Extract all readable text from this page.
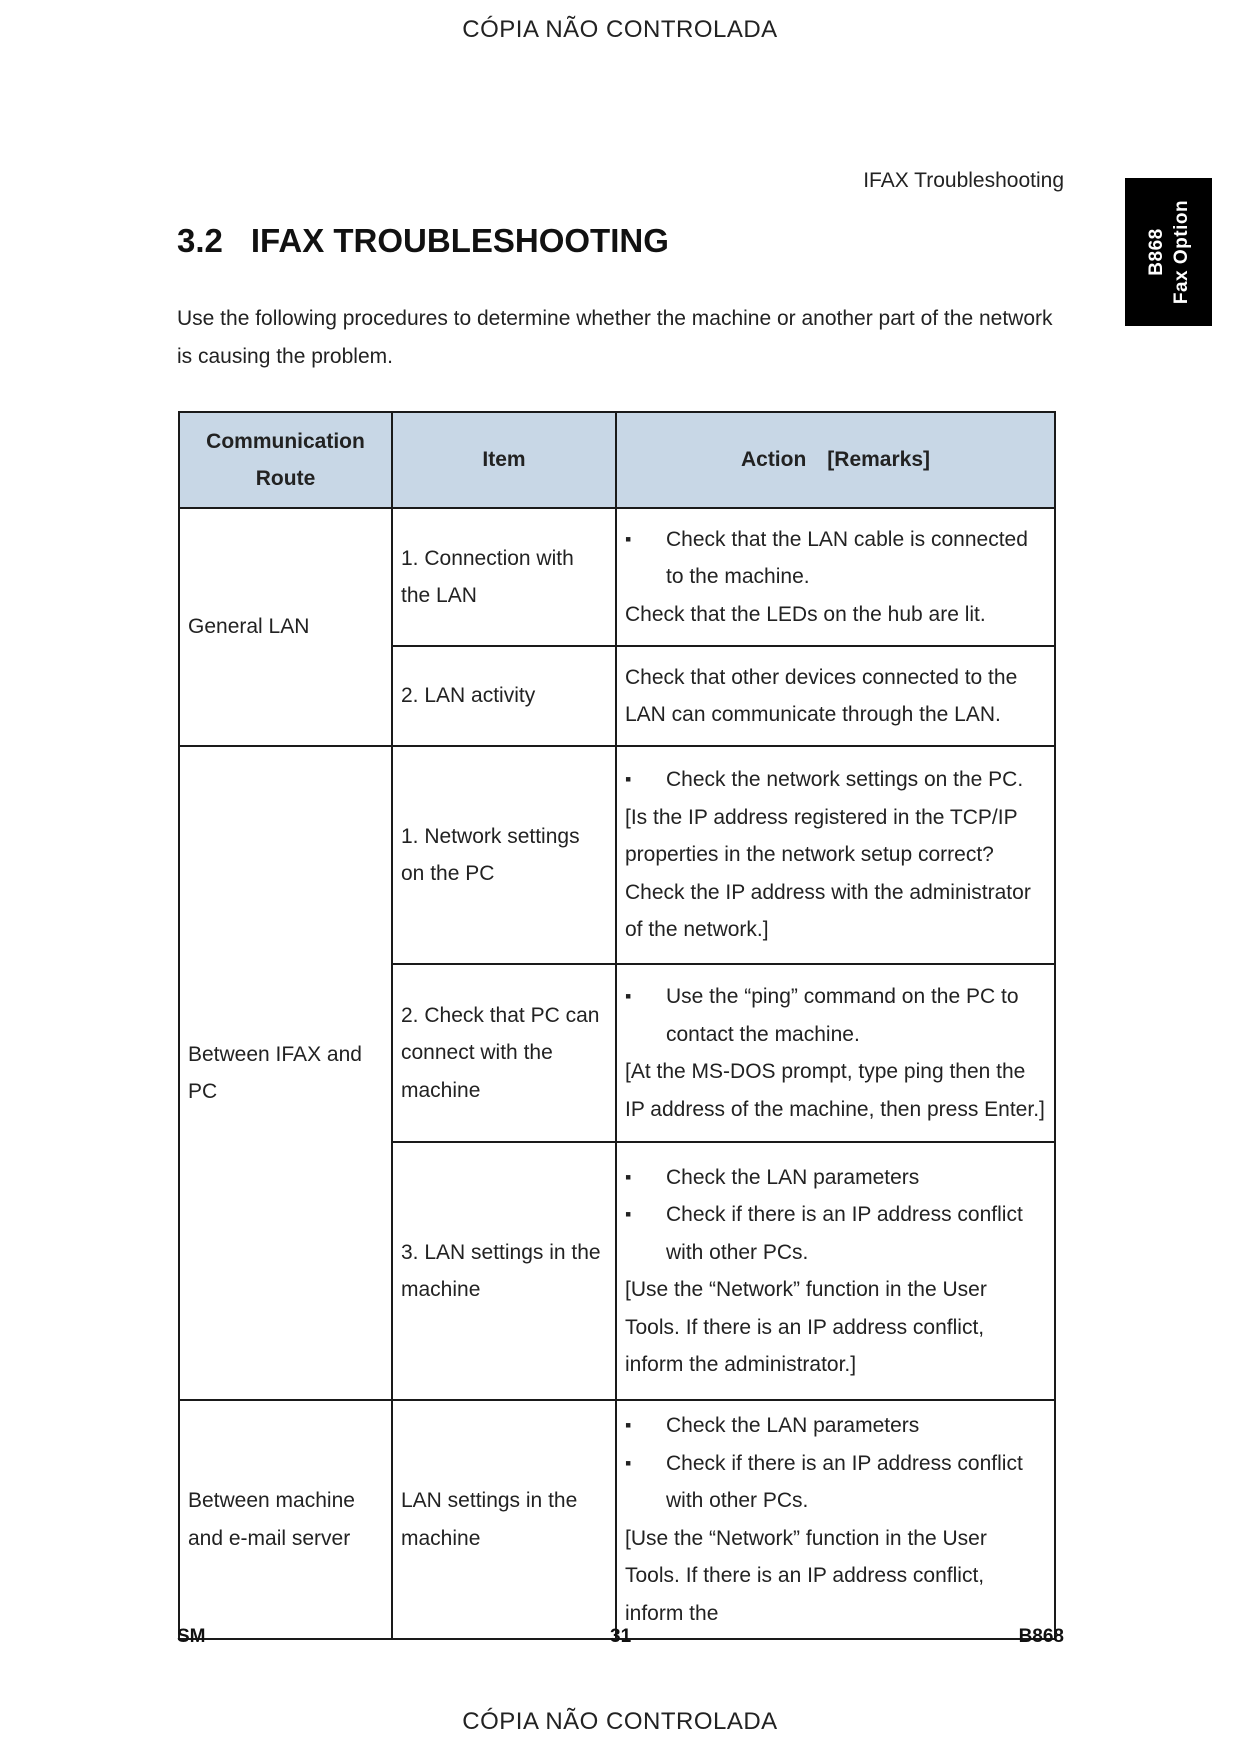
CÓPIA NÃO CONTROLADA
IFAX Troubleshooting
B868 Fax Option
3.2 IFAX TROUBLESHOOTING

Use the following procedures to determine whether the machine or another part of the network is causing the problem.

Communication Route	Item	Action　[Remarks]
General LAN	1. Connection with the LAN	▪ Check that the LAN cable is connected to the machine.
Check that the LEDs on the hub are lit.

	2. LAN activity	Check that other devices connected to the LAN can communicate through the LAN.

Between IFAX and PC	1. Network settings on the PC	▪ Check the network settings on the PC.
[Is the IP address registered in the TCP/IP properties in the network setup correct? Check the IP address with the administrator of the network.]

	2. Check that PC can connect with the machine	▪ Use the “ping” command on the PC to contact the machine.
[At the MS-DOS prompt, type ping then the IP address of the machine, then press Enter.]

	3. LAN settings in the machine	▪ Check the LAN parameters
▪ Check if there is an IP address conflict with other PCs.
[Use the “Network” function in the User Tools. If there is an IP address conflict, inform the administrator.]

Between machine and e-mail server	LAN settings in the machine	▪ Check the LAN parameters
▪ Check if there is an IP address conflict with other PCs.
[Use the “Network” function in the User Tools. If there is an IP address conflict, inform the
SM	31	B868
CÓPIA NÃO CONTROLADA
